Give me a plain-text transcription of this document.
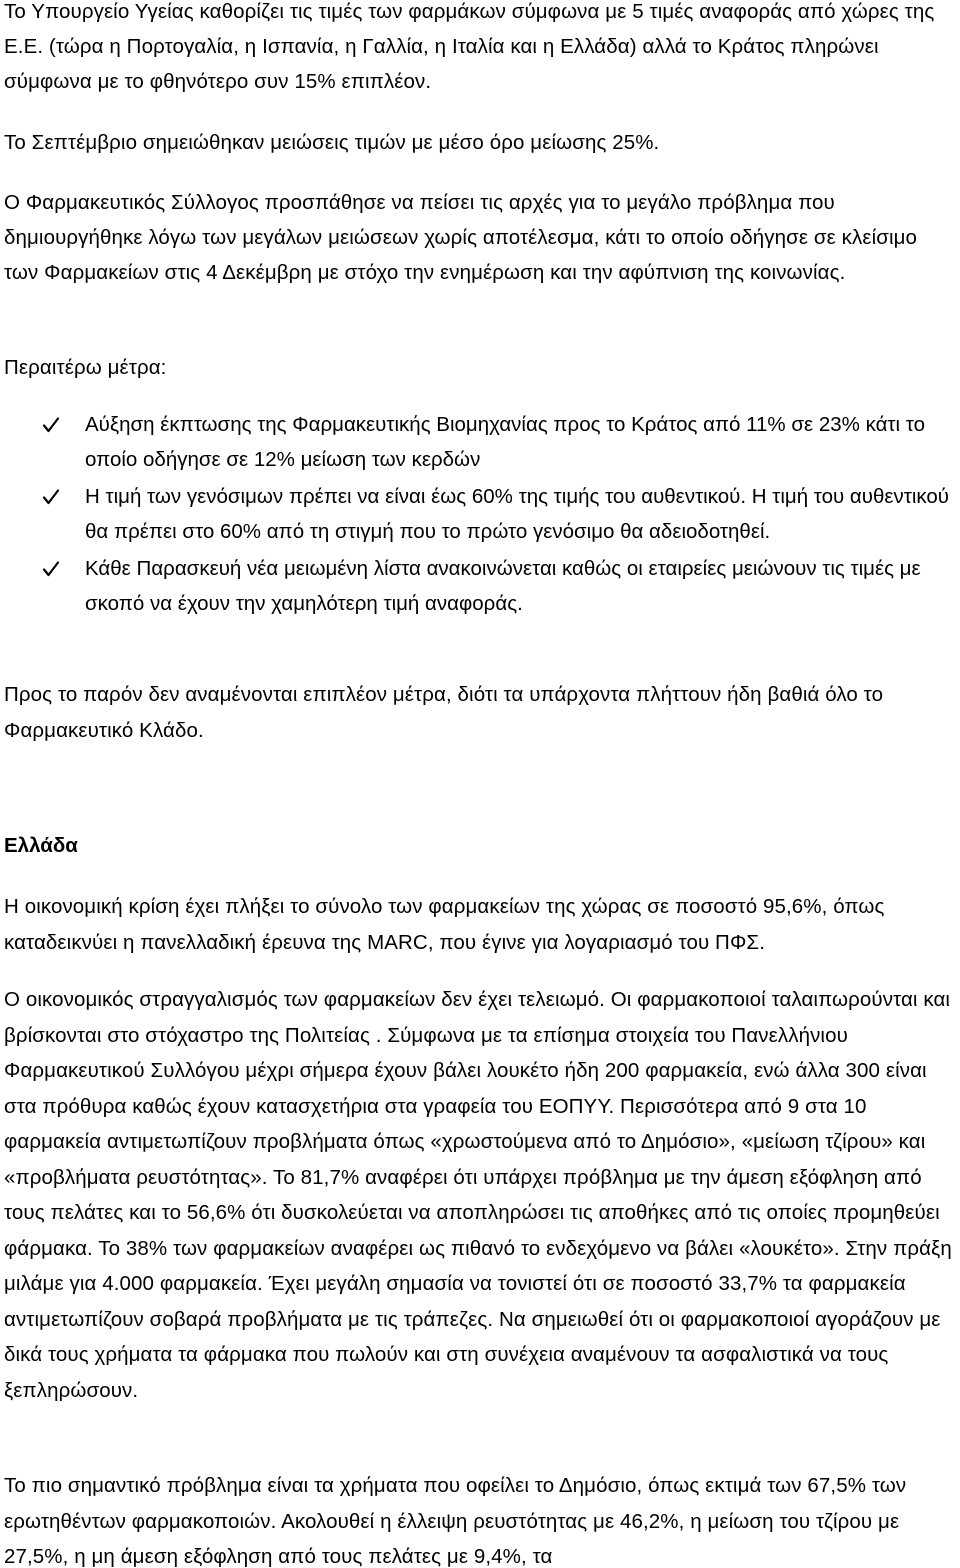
Το Υπουργείο Υγείας καθορίζει τις τιμές των φαρμάκων σύμφωνα με 5 τιμές αναφοράς από χώρες της Ε.Ε. (τώρα η Πορτογαλία, η Ισπανία, η Γαλλία, η Ιταλία και η Ελλάδα) αλλά το Κράτος πληρώνει σύμφωνα με το φθηνότερο συν 15% επιπλέον.

Το Σεπτέμβριο σημειώθηκαν μειώσεις τιμών με μέσο όρο μείωσης 25%.

Ο Φαρμακευτικός Σύλλογος προσπάθησε να πείσει τις αρχές για το μεγάλο πρόβλημα που δημιουργήθηκε λόγω των μεγάλων μειώσεων χωρίς αποτέλεσμα, κάτι το οποίο οδήγησε σε κλείσιμο των Φαρμακείων στις 4 Δεκέμβρη με στόχο την ενημέρωση και την αφύπνιση της κοινωνίας.

Περαιτέρω μέτρα:

Αύξηση έκπτωσης της Φαρμακευτικής Βιομηχανίας προς το Κράτος από 11% σε 23% κάτι το οποίο οδήγησε σε 12% μείωση των κερδών
Η τιμή των γενόσιμων πρέπει να είναι έως 60% της τιμής του αυθεντικού. Η τιμή του αυθεντικού θα πρέπει στο 60% από τη στιγμή που το πρώτο γενόσιμο θα αδειοδοτηθεί.
Κάθε Παρασκευή νέα μειωμένη λίστα ανακοινώνεται καθώς οι εταιρείες μειώνουν τις τιμές με σκοπό να έχουν την χαμηλότερη τιμή αναφοράς.

Προς το παρόν δεν αναμένονται επιπλέον μέτρα, διότι τα υπάρχοντα πλήττουν ήδη βαθιά όλο το Φαρμακευτικό Κλάδο.

Ελλάδα

Η οικονομική κρίση έχει πλήξει το σύνολο των φαρμακείων της χώρας σε ποσοστό 95,6%, όπως καταδεικνύει η πανελλαδική έρευνα της MARC, που έγινε για λογαριασμό του ΠΦΣ.

Ο οικονομικός στραγγαλισμός των φαρμακείων δεν έχει τελειωμό. Οι φαρμακοποιοί ταλαιπωρούνται και βρίσκονται στο στόχαστρο της Πολιτείας . Σύμφωνα με τα επίσημα στοιχεία του Πανελλήνιου Φαρμακευτικού Συλλόγου μέχρι σήμερα έχουν βάλει λουκέτο ήδη 200 φαρμακεία, ενώ άλλα 300 είναι στα πρόθυρα καθώς έχουν κατασχετήρια στα γραφεία του ΕΟΠΥΥ. Περισσότερα από 9 στα 10 φαρμακεία αντιμετωπίζουν προβλήματα όπως «χρωστούμενα από το Δημόσιο», «μείωση τζίρου» και «προβλήματα ρευστότητας». Το 81,7% αναφέρει ότι υπάρχει πρόβλημα με την άμεση εξόφληση από τους πελάτες και το 56,6% ότι δυσκολεύεται να αποπληρώσει τις αποθήκες από τις οποίες προμηθεύει φάρμακα. Το 38% των φαρμακείων αναφέρει ως πιθανό το ενδεχόμενο να βάλει «λουκέτο». Στην πράξη μιλάμε για 4.000 φαρμακεία. Έχει μεγάλη σημασία να τονιστεί ότι σε ποσοστό 33,7% τα φαρμακεία αντιμετωπίζουν σοβαρά προβλήματα με τις τράπεζες. Να σημειωθεί ότι οι φαρμακοποιοί αγοράζουν με δικά τους χρήματα τα φάρμακα που πωλούν και στη συνέχεια αναμένουν τα ασφαλιστικά να τους ξεπληρώσουν.

Το πιο σημαντικό πρόβλημα είναι τα χρήματα που οφείλει το Δημόσιο, όπως εκτιμά των 67,5% των ερωτηθέντων φαρμακοποιών. Ακολουθεί η έλλειψη ρευστότητας με 46,2%, η μείωση του τζίρου με 27,5%, η μη άμεση εξόφληση από τους πελάτες με 9,4%, τα
